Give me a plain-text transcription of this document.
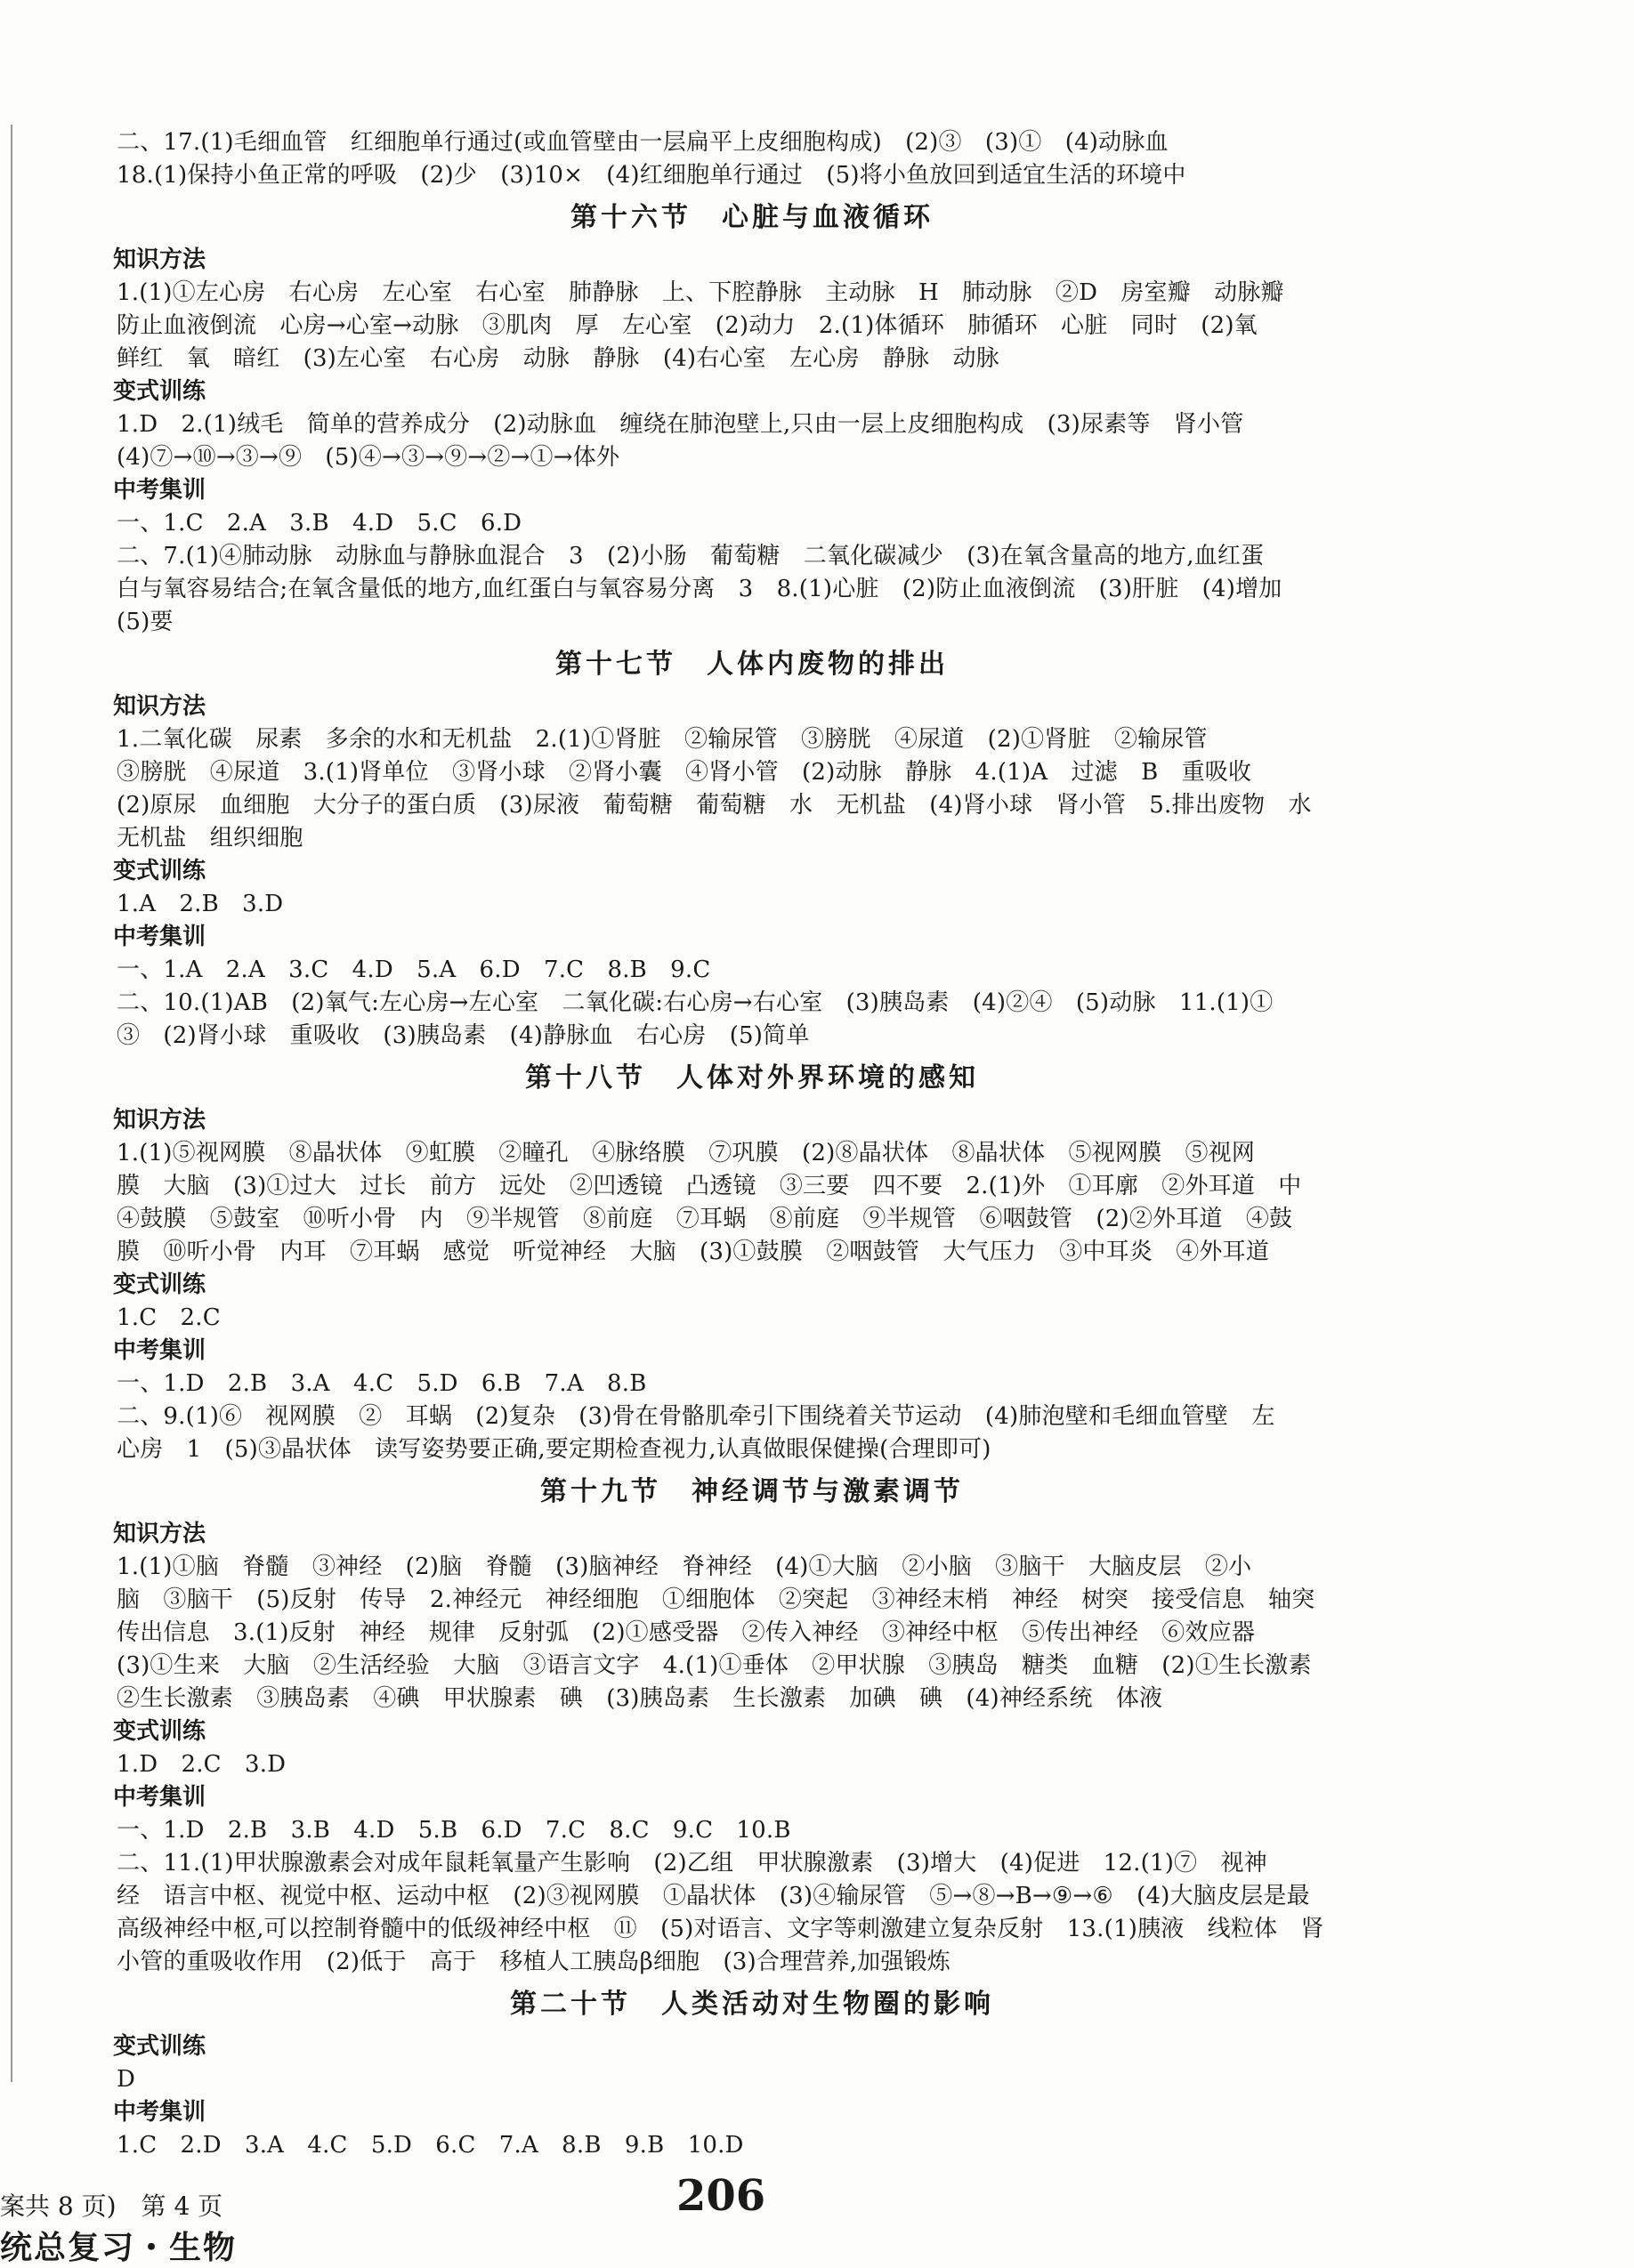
二、17.(1)毛细血管　红细胞单行通过(或血管壁由一层扁平上皮细胞构成)　(2)③　(3)①　(4)动脉血
18.(1)保持小鱼正常的呼吸　(2)少　(3)10×　(4)红细胞单行通过　(5)将小鱼放回到适宜生活的环境中
第十六节　心脏与血液循环
知识方法
1.(1)①左心房　右心房　左心室　右心室　肺静脉　上、下腔静脉　主动脉　H　肺动脉　②D　房室瓣　动脉瓣
防止血液倒流　心房→心室→动脉　③肌肉　厚　左心室　(2)动力　2.(1)体循环　肺循环　心脏　同时　(2)氧
鲜红　氧　暗红　(3)左心室　右心房　动脉　静脉　(4)右心室　左心房　静脉　动脉
变式训练
1.D　2.(1)绒毛　简单的营养成分　(2)动脉血　缠绕在肺泡壁上,只由一层上皮细胞构成　(3)尿素等　肾小管
(4)⑦→⑩→③→⑨　(5)④→③→⑨→②→①→体外
中考集训
一、1.C　2.A　3.B　4.D　5.C　6.D
二、7.(1)④肺动脉　动脉血与静脉血混合　3　(2)小肠　葡萄糖　二氧化碳减少　(3)在氧含量高的地方,血红蛋
白与氧容易结合;在氧含量低的地方,血红蛋白与氧容易分离　3　8.(1)心脏　(2)防止血液倒流　(3)肝脏　(4)增加
(5)要
第十七节　人体内废物的排出
知识方法
1.二氧化碳　尿素　多余的水和无机盐　2.(1)①肾脏　②输尿管　③膀胱　④尿道　(2)①肾脏　②输尿管
③膀胱　④尿道　3.(1)肾单位　③肾小球　②肾小囊　④肾小管　(2)动脉　静脉　4.(1)A　过滤　B　重吸收
(2)原尿　血细胞　大分子的蛋白质　(3)尿液　葡萄糖　葡萄糖　水　无机盐　(4)肾小球　肾小管　5.排出废物　水
无机盐　组织细胞
变式训练
1.A　2.B　3.D
中考集训
一、1.A　2.A　3.C　4.D　5.A　6.D　7.C　8.B　9.C
二、10.(1)AB　(2)氧气:左心房→左心室　二氧化碳:右心房→右心室　(3)胰岛素　(4)②④　(5)动脉　11.(1)①
③　(2)肾小球　重吸收　(3)胰岛素　(4)静脉血　右心房　(5)简单
第十八节　人体对外界环境的感知
知识方法
1.(1)⑤视网膜　⑧晶状体　⑨虹膜　②瞳孔　④脉络膜　⑦巩膜　(2)⑧晶状体　⑧晶状体　⑤视网膜　⑤视网
膜　大脑　(3)①过大　过长　前方　远处　②凹透镜　凸透镜　③三要　四不要　2.(1)外　①耳廓　②外耳道　中
④鼓膜　⑤鼓室　⑩听小骨　内　⑨半规管　⑧前庭　⑦耳蜗　⑧前庭　⑨半规管　⑥咽鼓管　(2)②外耳道　④鼓
膜　⑩听小骨　内耳　⑦耳蜗　感觉　听觉神经　大脑　(3)①鼓膜　②咽鼓管　大气压力　③中耳炎　④外耳道
变式训练
1.C　2.C
中考集训
一、1.D　2.B　3.A　4.C　5.D　6.B　7.A　8.B
二、9.(1)⑥　视网膜　②　耳蜗　(2)复杂　(3)骨在骨骼肌牵引下围绕着关节运动　(4)肺泡壁和毛细血管壁　左
心房　1　(5)③晶状体　读写姿势要正确,要定期检查视力,认真做眼保健操(合理即可)
第十九节　神经调节与激素调节
知识方法
1.(1)①脑　脊髓　③神经　(2)脑　脊髓　(3)脑神经　脊神经　(4)①大脑　②小脑　③脑干　大脑皮层　②小
脑　③脑干　(5)反射　传导　2.神经元　神经细胞　①细胞体　②突起　③神经末梢　神经　树突　接受信息　轴突
传出信息　3.(1)反射　神经　规律　反射弧　(2)①感受器　②传入神经　③神经中枢　⑤传出神经　⑥效应器
(3)①生来　大脑　②生活经验　大脑　③语言文字　4.(1)①垂体　②甲状腺　③胰岛　糖类　血糖　(2)①生长激素
②生长激素　③胰岛素　④碘　甲状腺素　碘　(3)胰岛素　生长激素　加碘　碘　(4)神经系统　体液
变式训练
1.D　2.C　3.D
中考集训
一、1.D　2.B　3.B　4.D　5.B　6.D　7.C　8.C　9.C　10.B
二、11.(1)甲状腺激素会对成年鼠耗氧量产生影响　(2)乙组　甲状腺激素　(3)增大　(4)促进　12.(1)⑦　视神
经　语言中枢、视觉中枢、运动中枢　(2)③视网膜　①晶状体　(3)④输尿管　⑤→⑧→B→⑨→⑥　(4)大脑皮层是最
高级神经中枢,可以控制脊髓中的低级神经中枢　⑪　(5)对语言、文字等刺激建立复杂反射　13.(1)胰液　线粒体　肾
小管的重吸收作用　(2)低于　高于　移植人工胰岛β细胞　(3)合理营养,加强锻炼
第二十节　人类活动对生物圈的影响
变式训练
D
中考集训
1.C　2.D　3.A　4.C　5.D　6.C　7.A　8.B　9.B　10.D
案共 8 页)　第 4 页
统总复习・生物
206
